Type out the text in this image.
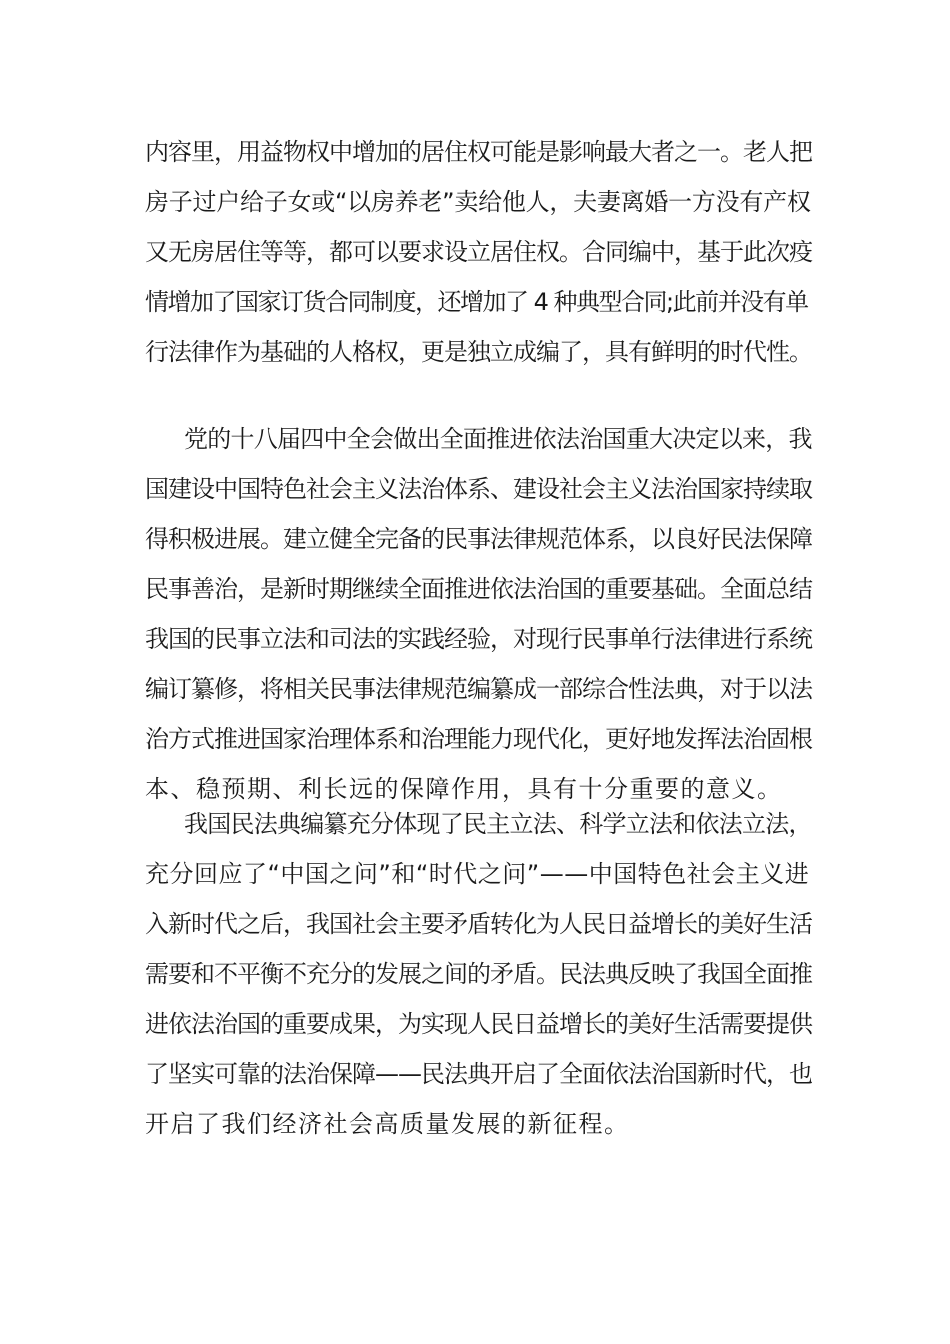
内容里，用益物权中增加的居住权可能是影响最大者之一。老人把
房子过户给子女或“以房养老”卖给他人，夫妻离婚一方没有产权
又无房居住等等，都可以要求设立居住权。合同编中，基于此次疫
情增加了国家订货合同制度，还增加了 4 种典型合同;此前并没有单
行法律作为基础的人格权，更是独立成编了，具有鲜明的时代性。
党的十八届四中全会做出全面推进依法治国重大决定以来，我
国建设中国特色社会主义法治体系、建设社会主义法治国家持续取
得积极进展。建立健全完备的民事法律规范体系，以良好民法保障
民事善治，是新时期继续全面推进依法治国的重要基础。全面总结
我国的民事立法和司法的实践经验，对现行民事单行法律进行系统
编订纂修，将相关民事法律规范编纂成一部综合性法典，对于以法
治方式推进国家治理体系和治理能力现代化，更好地发挥法治固根
本、稳预期、利长远的保障作用，具有十分重要的意义。
我国民法典编纂充分体现了民主立法、科学立法和依法立法，
充分回应了“中国之问”和“时代之问”——中国特色社会主义进
入新时代之后，我国社会主要矛盾转化为人民日益增长的美好生活
需要和不平衡不充分的发展之间的矛盾。民法典反映了我国全面推
进依法治国的重要成果，为实现人民日益增长的美好生活需要提供
了坚实可靠的法治保障——民法典开启了全面依法治国新时代，也
开启了我们经济社会高质量发展的新征程。
